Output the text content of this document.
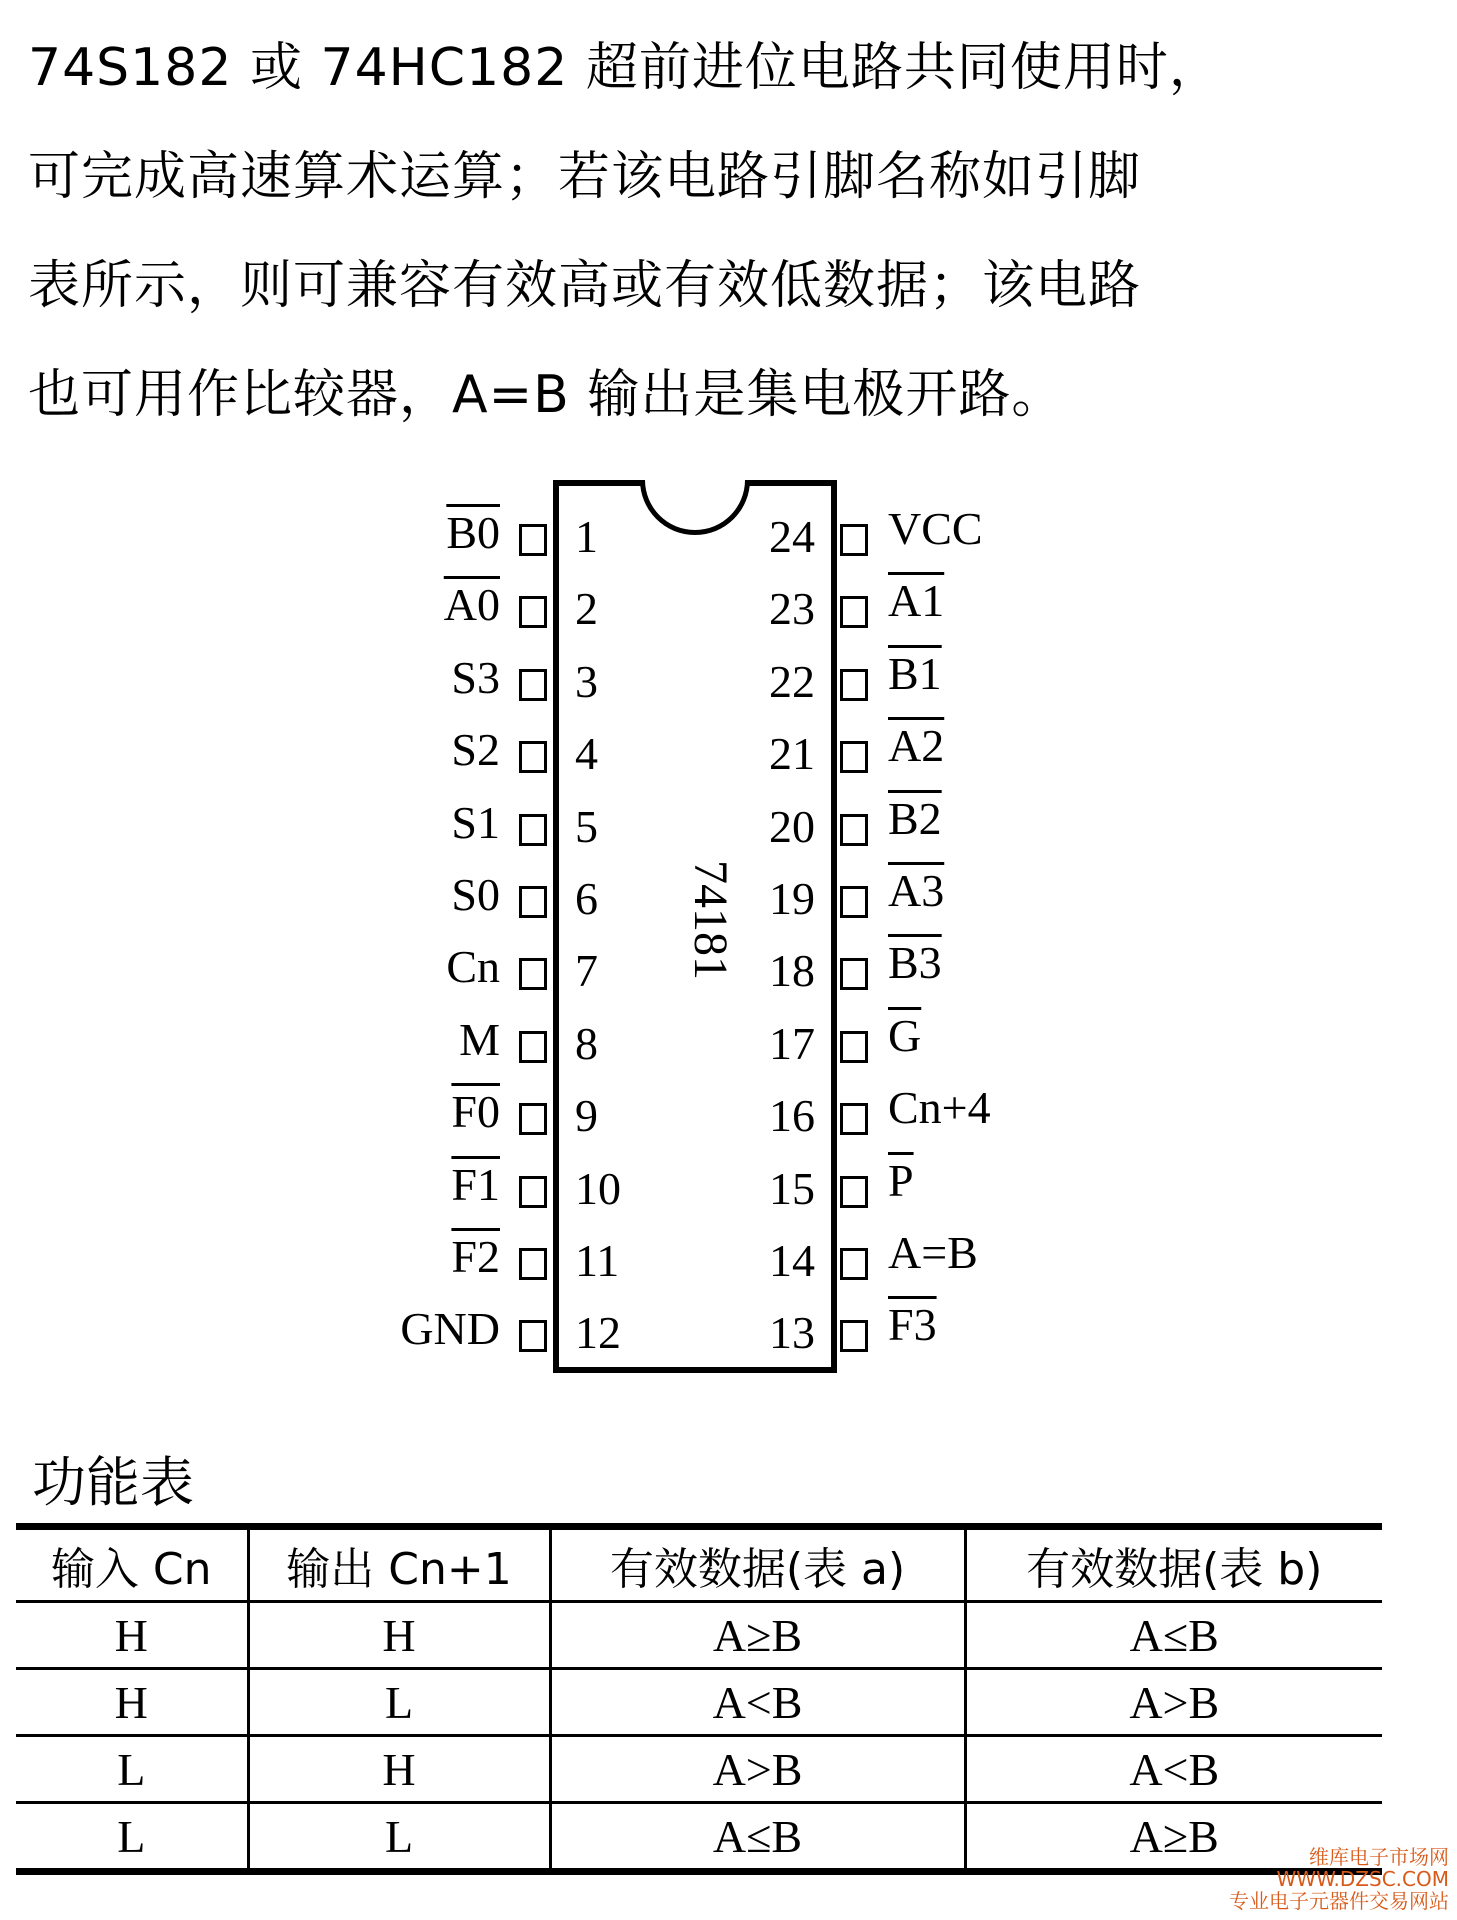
74S182 或 74HC182 超前进位电路共同使用时，
可完成高速算术运算；若该电路引脚名称如引脚
表所示，则可兼容有效高或有效低数据；该电路
也可用作比较器，A=B 输出是集电极开路。
74181
B0 1
A0 2
S3 3
S2 4
S1 5
S0 6
Cn 7
M 8
F0 9
F1 10
F2 11
GND 12
24 VCC
23 A1
22 B1
21 A2
20 B2
19 A3
18 B3
17 $\overline{G}$
16 Cn+4
15 $\overline{P}$
14 A=B
13 F3
功能表
输入 Cn	输出 Cn+1	有效数据(表 a)	有效数据(表 b)
H	H	A≥B	A≤B
H	L	A<B	A>B
L	H	A>B	A<B
L	L	A≤B	A≥B	维库电子市场网
WWW.DZSC.COM
专业电子元器件交易网站
